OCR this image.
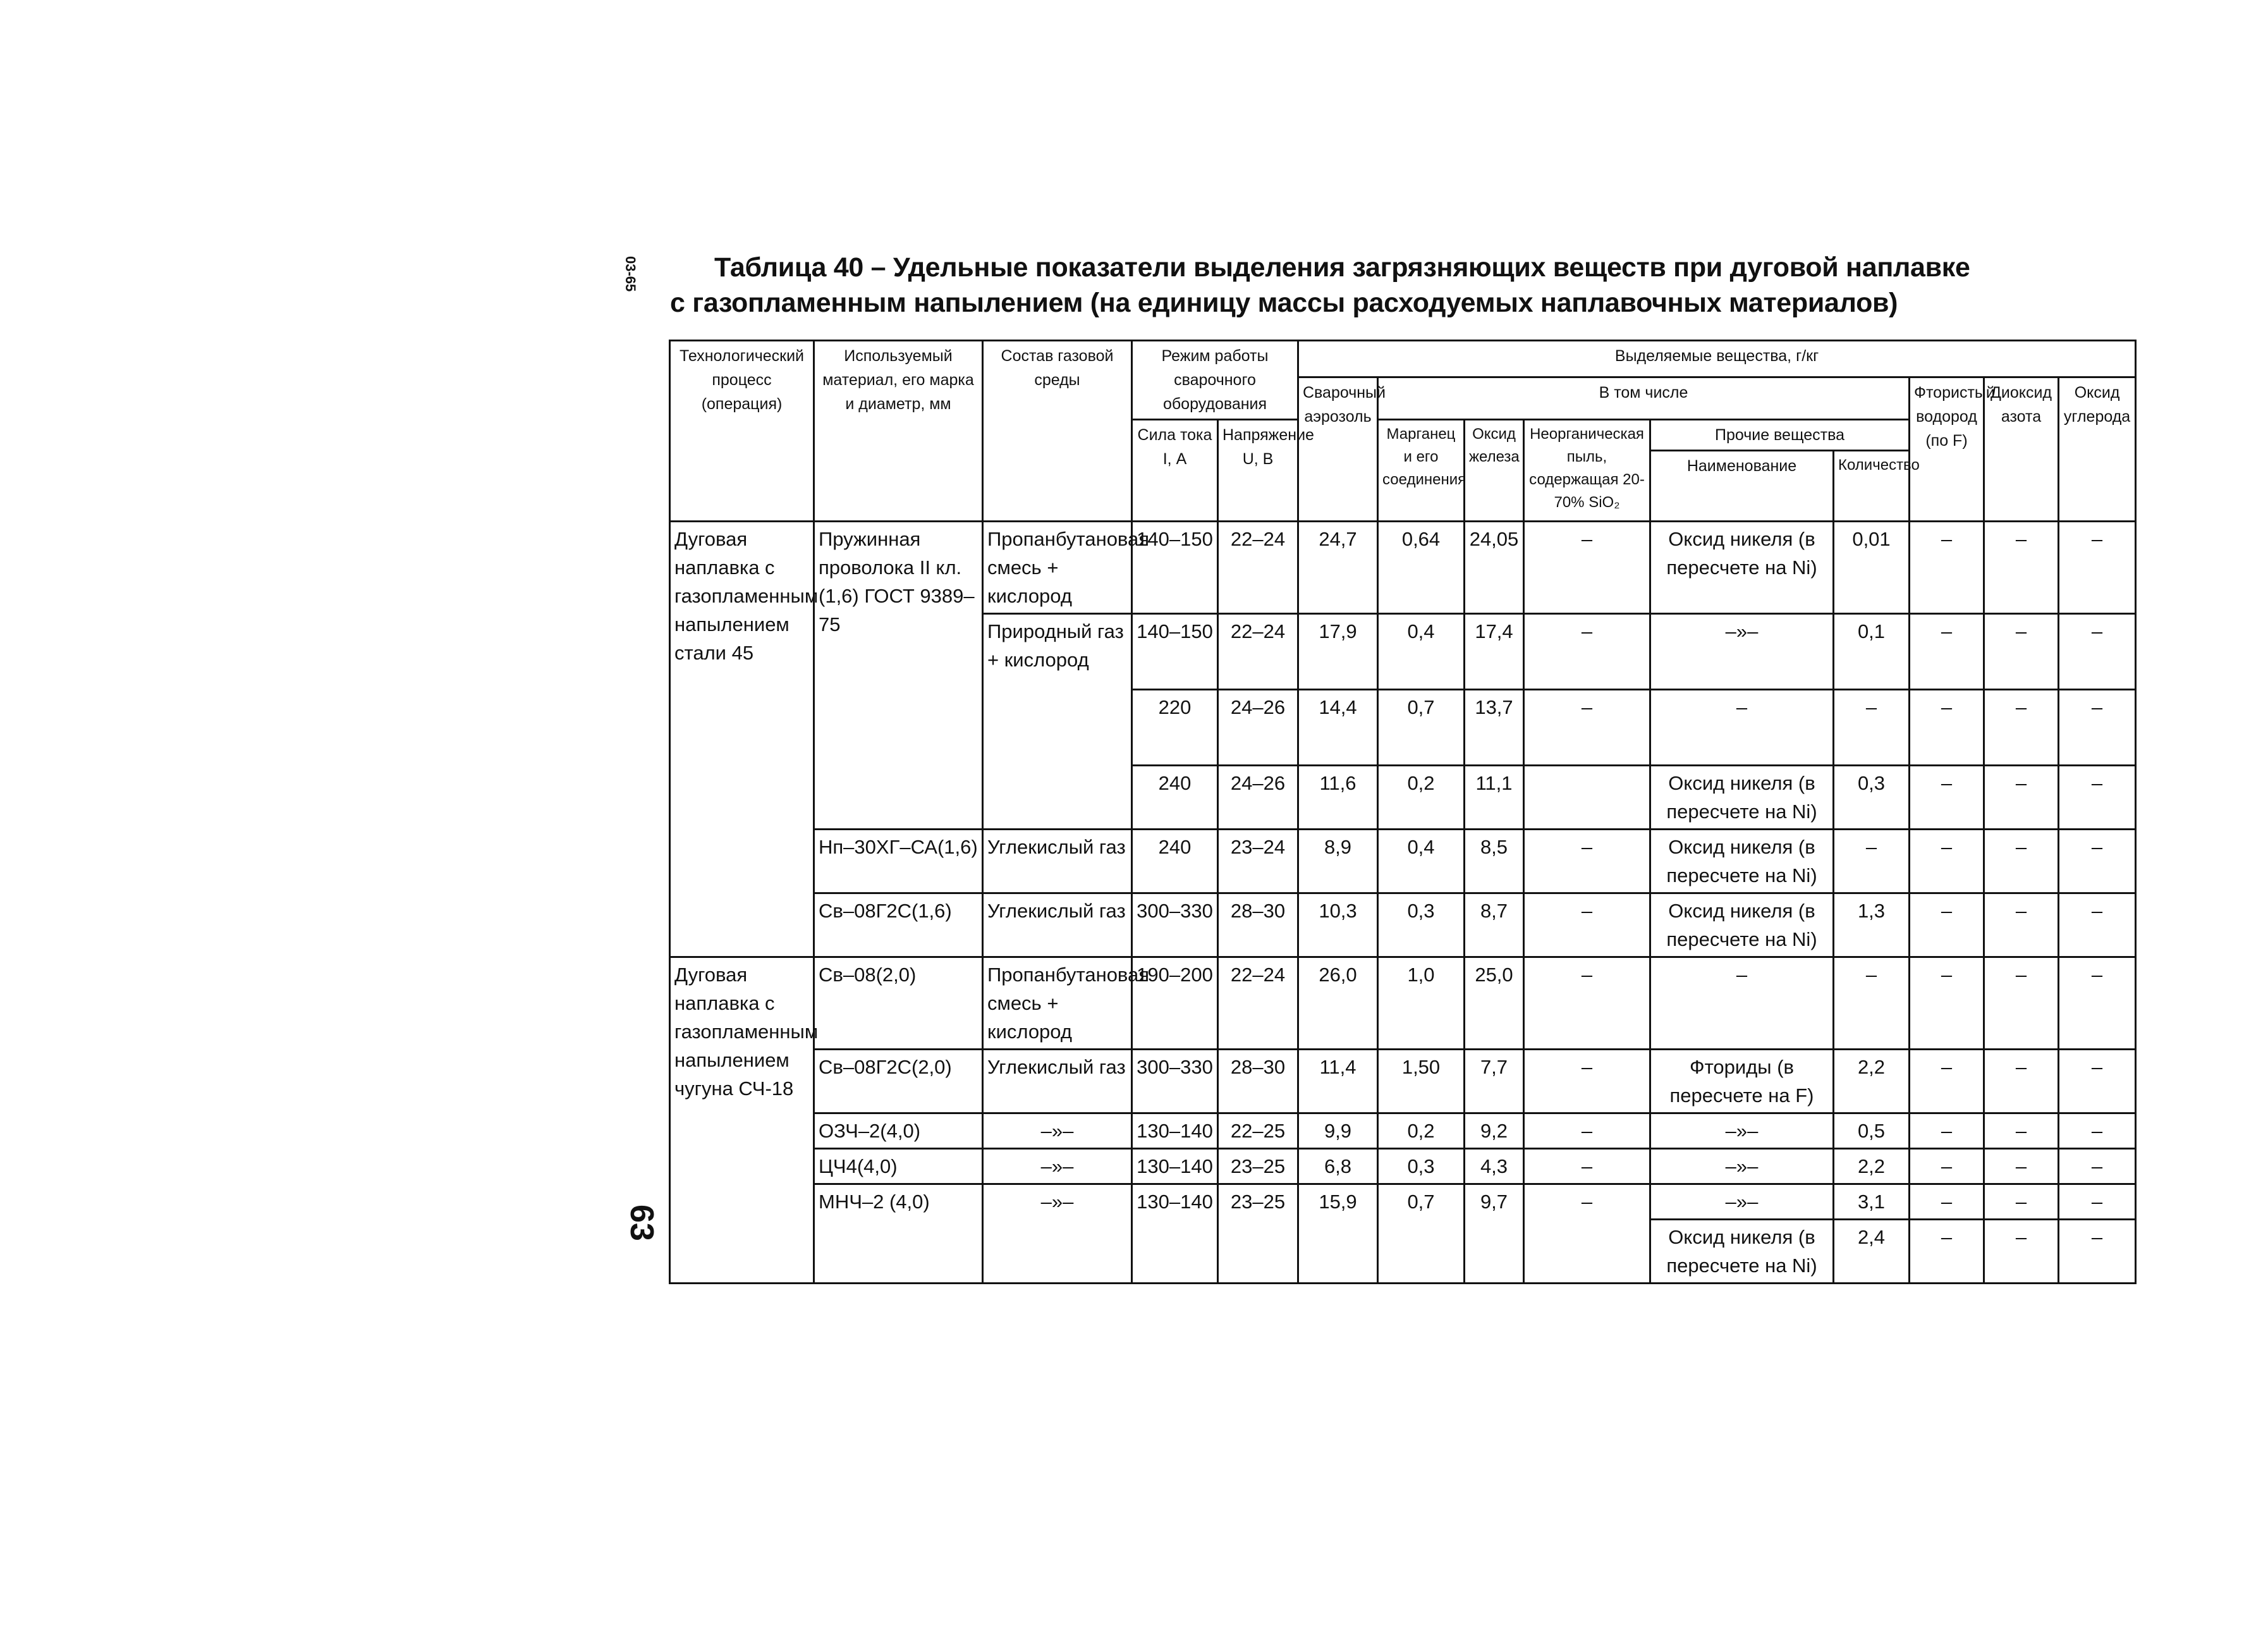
03-65
63
Таблица 40 – Удельные показатели выделения загрязняющих веществ при дуговой наплавке
с газопламенным напылением (на единицу массы расходуемых наплавочных материалов)
Технологический процесс (операция)	Используемый материал, его марка и диаметр, мм	Состав газовой среды	Режим работы сварочного оборудования		Выделяемые вещества, г/кг								
					Сварочный аэрозоль	В том числе					Фтористый водород (по F)	Диоксид азота	Оксид углерода
			Сила тока I, А	Напряжение U, В		Марганец и его соединения	Оксид железа	Неорганическая пыль, содержащая 20-70% SiO₂	Прочие вещества				
									Наименование	Количество			
Дуговая наплавка с газопламенным напылением стали 45	Пружинная проволока II кл. (1,6) ГОСТ 9389–75	Пропанбутановая смесь + кислород	140–150	22–24	24,7	0,64	24,05	–	Оксид никеля (в пересчете на Ni)	0,01	–	–	–
		Природный газ + кислород	140–150	22–24	17,9	0,4	17,4	–	–»–	0,1	–	–	–
			220	24–26	14,4	0,7	13,7	–	–	–	–	–	–
			240	24–26	11,6	0,2	11,1		Оксид никеля (в пересчете на Ni)	0,3	–	–	–
	Нп–30ХГ–СА(1,6)	Углекислый газ	240	23–24	8,9	0,4	8,5	–	Оксид никеля (в пересчете на Ni)	–	–	–	–
	Св–08Г2С(1,6)	Углекислый газ	300–330	28–30	10,3	0,3	8,7	–	Оксид никеля (в пересчете на Ni)	1,3	–	–	–
Дуговая наплавка с газопламенным напылением чугуна СЧ-18	Св–08(2,0)	Пропанбутановая смесь + кислород	190–200	22–24	26,0	1,0	25,0	–	–	–	–	–	–
	Св–08Г2С(2,0)	Углекислый газ	300–330	28–30	11,4	1,50	7,7	–	Фториды (в пересчете на F)	2,2	–	–	–
	ОЗЧ–2(4,0)	–»–	130–140	22–25	9,9	0,2	9,2	–	–»–	0,5	–	–	–
	ЦЧ4(4,0)	–»–	130–140	23–25	6,8	0,3	4,3	–	–»–	2,2	–	–	–
	МНЧ–2 (4,0)	–»–	130–140	23–25	15,9	0,7	9,7	–	–»–	3,1	–	–	–
									Оксид никеля (в пересчете на Ni)	2,4	–	–	–
